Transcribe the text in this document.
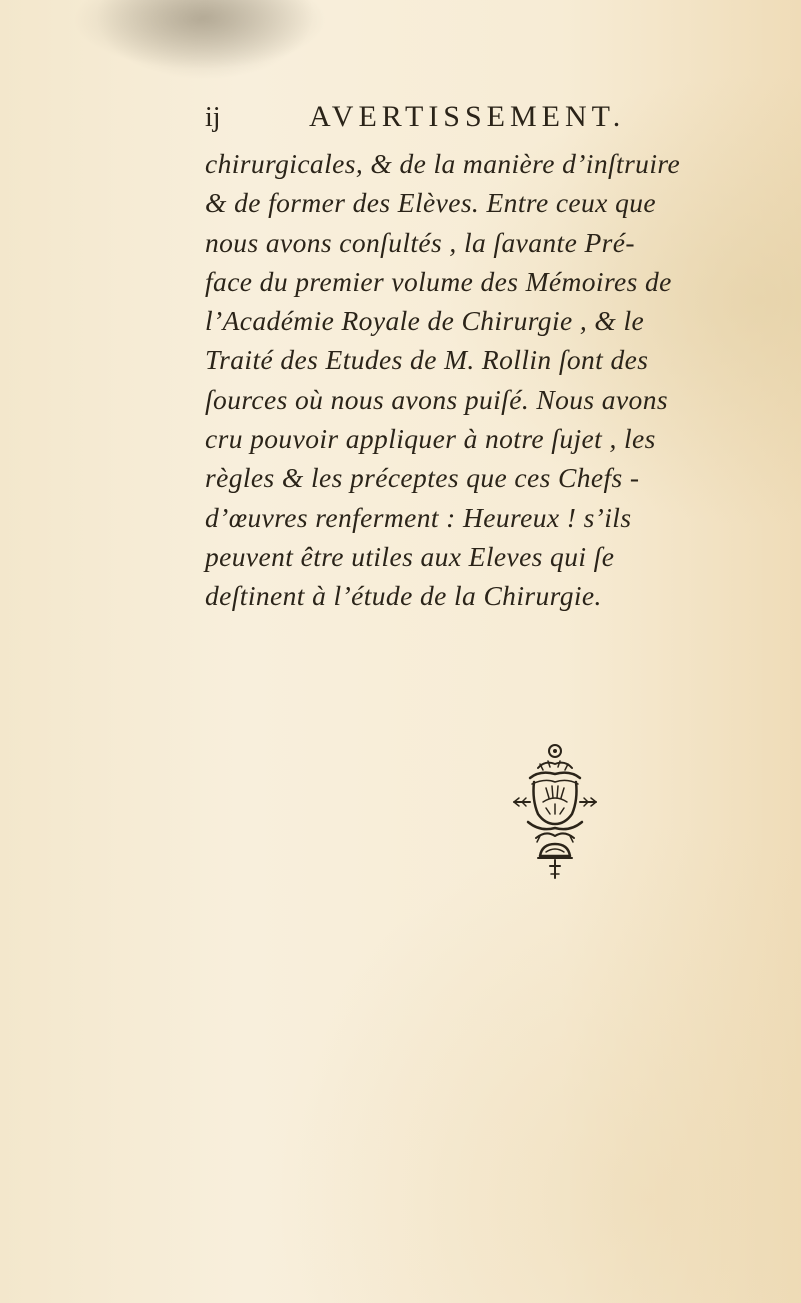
ij	AVERTISSEMENT.
chirurgicales, & de la manière d’inſtruire
& de former des Elèves. Entre ceux que
nous avons conſultés , la ſavante Pré-
face du premier volume des Mémoires de
l’Académie Royale de Chirurgie , & le
Traité des Etudes de M. Rollin ſont des
ſources où nous avons puiſé. Nous avons
cru pouvoir appliquer à notre ſujet , les
règles & les préceptes que ces Chefs -
d’œuvres renferment : Heureux ! s’ils
peuvent être utiles aux Eleves qui ſe
deſtinent à l’étude de la Chirurgie.
